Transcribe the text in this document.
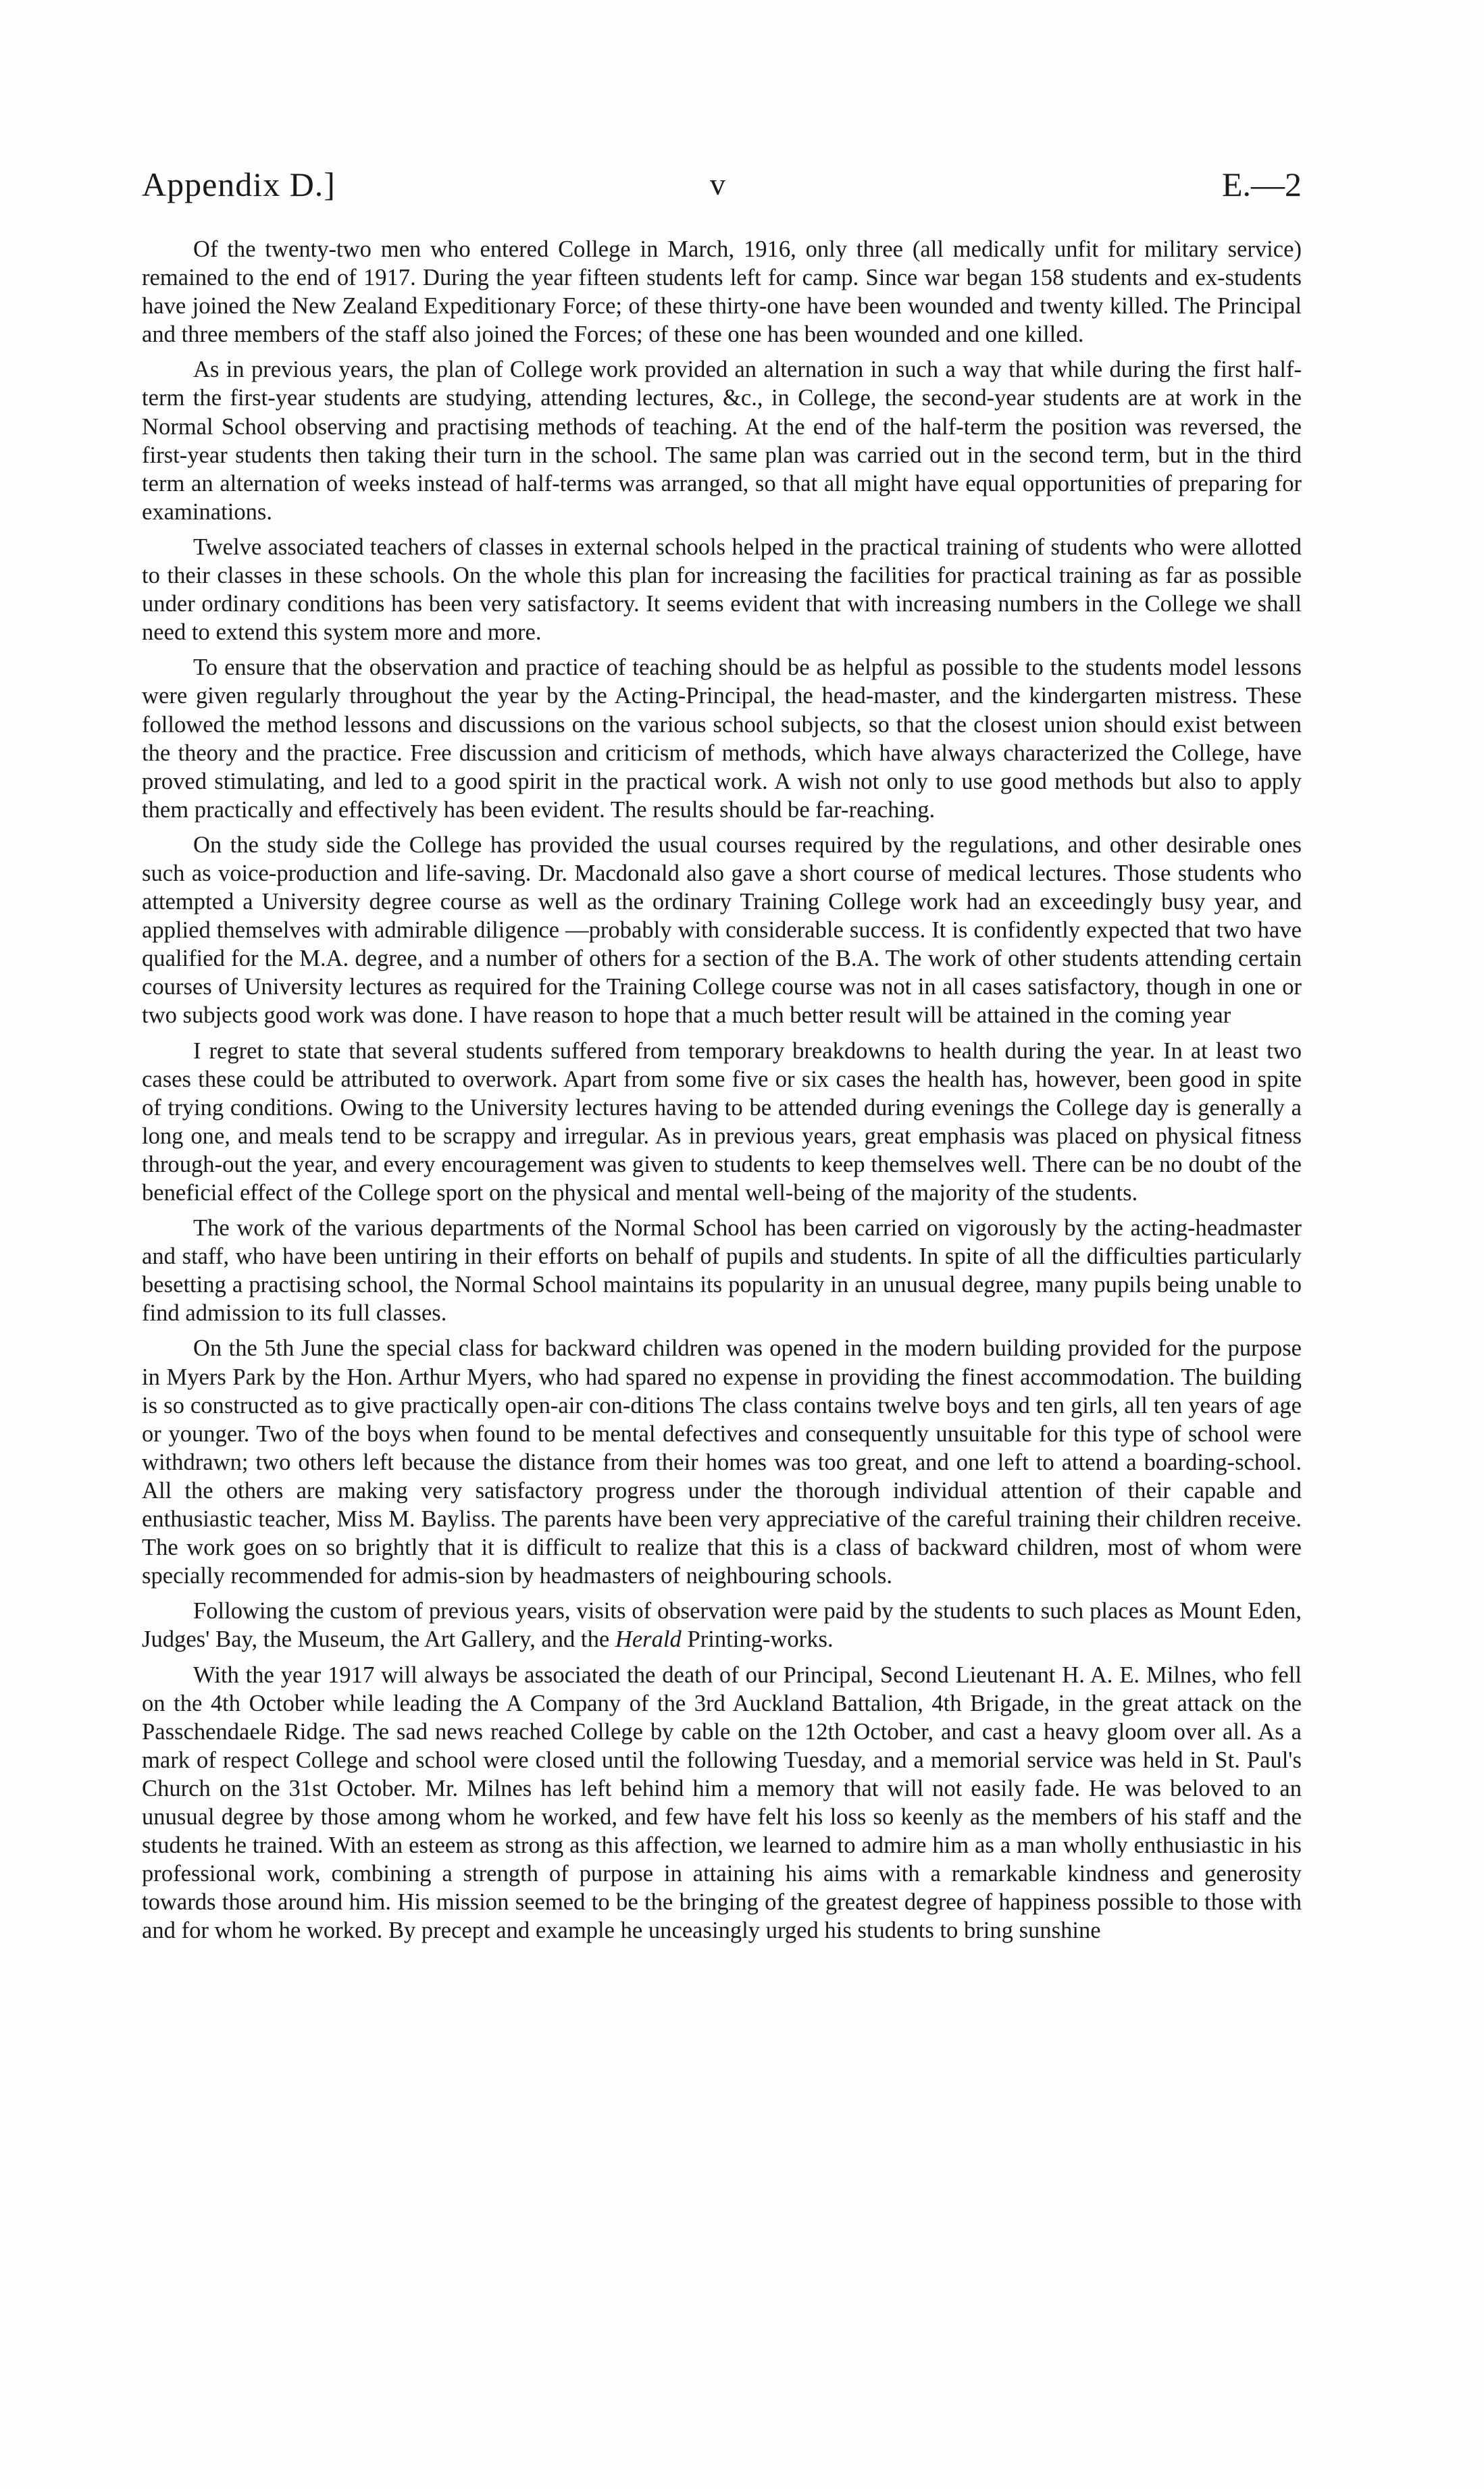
Appendix D.]	v	E.—2

Of the twenty-two men who entered College in March, 1916, only three (all medically unfit for military service) remained to the end of 1917. During the year fifteen students left for camp. Since war began 158 students and ex-students have joined the New Zealand Expeditionary Force; of these thirty-one have been wounded and twenty killed. The Principal and three members of the staff also joined the Forces; of these one has been wounded and one killed.

As in previous years, the plan of College work provided an alternation in such a way that while during the first half-term the first-year students are studying, attending lectures, &c., in College, the second-year students are at work in the Normal School observing and practising methods of teaching. At the end of the half-term the position was reversed, the first-year students then taking their turn in the school. The same plan was carried out in the second term, but in the third term an alternation of weeks instead of half-terms was arranged, so that all might have equal opportunities of preparing for examinations.

Twelve associated teachers of classes in external schools helped in the practical training of students who were allotted to their classes in these schools. On the whole this plan for increasing the facilities for practical training as far as possible under ordinary conditions has been very satisfactory. It seems evident that with increasing numbers in the College we shall need to extend this system more and more.

To ensure that the observation and practice of teaching should be as helpful as possible to the students model lessons were given regularly throughout the year by the Acting-Principal, the head-master, and the kindergarten mistress. These followed the method lessons and discussions on the various school subjects, so that the closest union should exist between the theory and the practice. Free discussion and criticism of methods, which have always characterized the College, have proved stimulating, and led to a good spirit in the practical work. A wish not only to use good methods but also to apply them practically and effectively has been evident. The results should be far-reaching.

On the study side the College has provided the usual courses required by the regulations, and other desirable ones such as voice-production and life-saving. Dr. Macdonald also gave a short course of medical lectures. Those students who attempted a University degree course as well as the ordinary Training College work had an exceedingly busy year, and applied themselves with admirable diligence —probably with considerable success. It is confidently expected that two have qualified for the M.A. degree, and a number of others for a section of the B.A. The work of other students attending certain courses of University lectures as required for the Training College course was not in all cases satisfactory, though in one or two subjects good work was done. I have reason to hope that a much better result will be attained in the coming year

I regret to state that several students suffered from temporary breakdowns to health during the year. In at least two cases these could be attributed to overwork. Apart from some five or six cases the health has, however, been good in spite of trying conditions. Owing to the University lectures having to be attended during evenings the College day is generally a long one, and meals tend to be scrappy and irregular. As in previous years, great emphasis was placed on physical fitness through-out the year, and every encouragement was given to students to keep themselves well. There can be no doubt of the beneficial effect of the College sport on the physical and mental well-being of the majority of the students.

The work of the various departments of the Normal School has been carried on vigorously by the acting-headmaster and staff, who have been untiring in their efforts on behalf of pupils and students. In spite of all the difficulties particularly besetting a practising school, the Normal School maintains its popularity in an unusual degree, many pupils being unable to find admission to its full classes.

On the 5th June the special class for backward children was opened in the modern building provided for the purpose in Myers Park by the Hon. Arthur Myers, who had spared no expense in providing the finest accommodation. The building is so constructed as to give practically open-air con-ditions The class contains twelve boys and ten girls, all ten years of age or younger. Two of the boys when found to be mental defectives and consequently unsuitable for this type of school were withdrawn; two others left because the distance from their homes was too great, and one left to attend a boarding-school. All the others are making very satisfactory progress under the thorough individual attention of their capable and enthusiastic teacher, Miss M. Bayliss. The parents have been very appreciative of the careful training their children receive. The work goes on so brightly that it is difficult to realize that this is a class of backward children, most of whom were specially recommended for admis-sion by headmasters of neighbouring schools.

Following the custom of previous years, visits of observation were paid by the students to such places as Mount Eden, Judges' Bay, the Museum, the Art Gallery, and the Herald Printing-works.

With the year 1917 will always be associated the death of our Principal, Second Lieutenant H. A. E. Milnes, who fell on the 4th October while leading the A Company of the 3rd Auckland Battalion, 4th Brigade, in the great attack on the Passchendaele Ridge. The sad news reached College by cable on the 12th October, and cast a heavy gloom over all. As a mark of respect College and school were closed until the following Tuesday, and a memorial service was held in St. Paul's Church on the 31st October. Mr. Milnes has left behind him a memory that will not easily fade. He was beloved to an unusual degree by those among whom he worked, and few have felt his loss so keenly as the members of his staff and the students he trained. With an esteem as strong as this affection, we learned to admire him as a man wholly enthusiastic in his professional work, combining a strength of purpose in attaining his aims with a remarkable kindness and generosity towards those around him. His mission seemed to be the bringing of the greatest degree of happiness possible to those with and for whom he worked. By precept and example he unceasingly urged his students to bring sunshine
